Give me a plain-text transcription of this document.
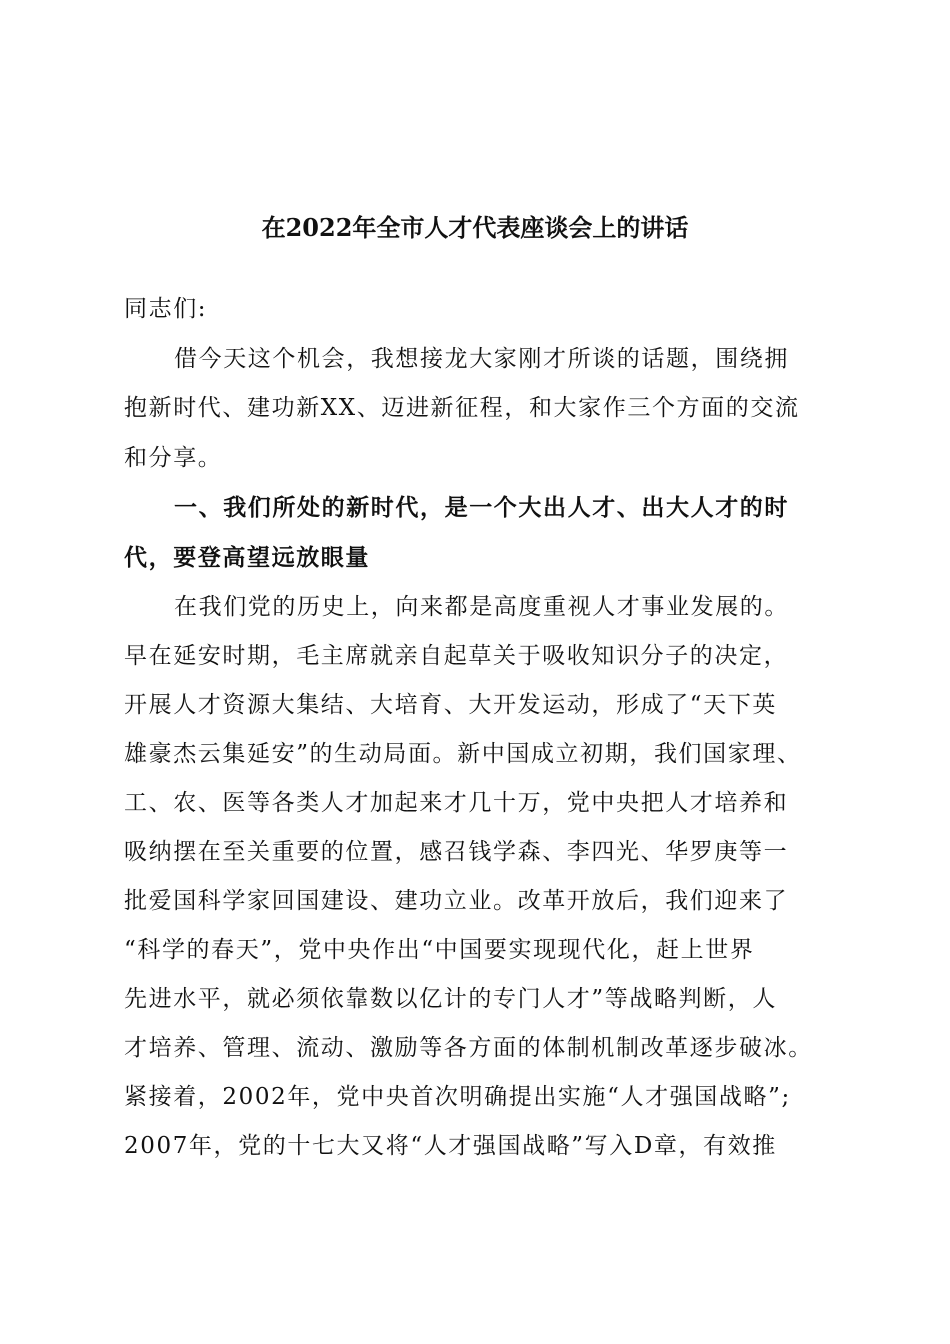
在2022年全市人才代表座谈会上的讲话
同志们:
借今天这个机会，我想接龙大家刚才所谈的话题，围绕拥
抱新时代、建功新XX、迈进新征程，和大家作三个方面的交流
和分享。
一、我们所处的新时代，是一个大出人才、出大人才的时
代，要登高望远放眼量
在我们党的历史上，向来都是高度重视人才事业发展的。
早在延安时期，毛主席就亲自起草关于吸收知识分子的决定，
开展人才资源大集结、大培育、大开发运动，形成了“天下英
雄豪杰云集延安”的生动局面。新中国成立初期，我们国家理、
工、农、医等各类人才加起来才几十万，党中央把人才培养和
吸纳摆在至关重要的位置，感召钱学森、李四光、华罗庚等一
批爱国科学家回国建设、建功立业。改革开放后，我们迎来了
“科学的春天”，党中央作出“中国要实现现代化，赶上世界
先进水平，就必须依靠数以亿计的专门人才”等战略判断，人
才培养、管理、流动、激励等各方面的体制机制改革逐步破冰。
紧接着，2002年，党中央首次明确提出实施“人才强国战略”;
2007年，党的十七大又将“人才强国战略”写入D章，有效推
